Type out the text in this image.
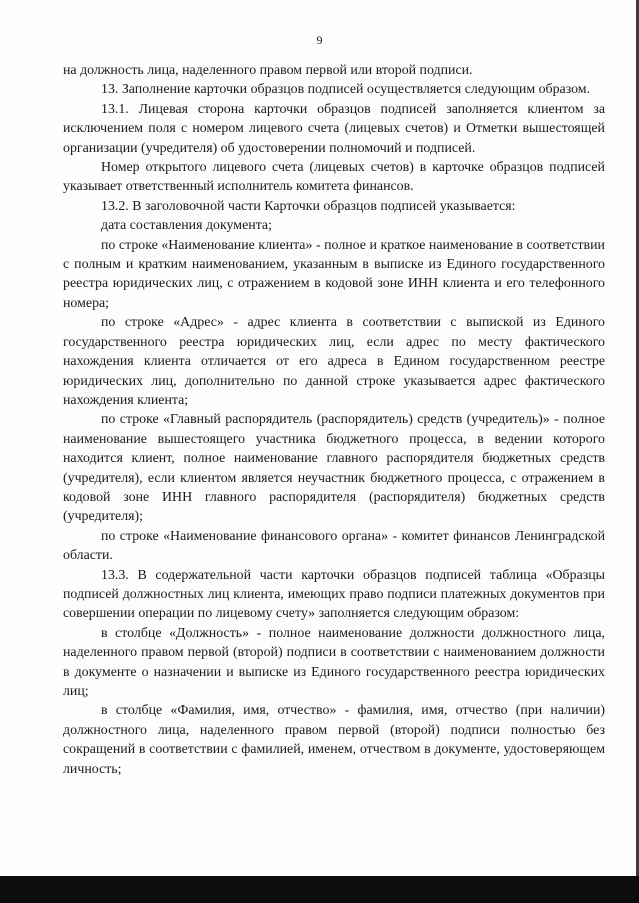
9

на должность лица, наделенного правом первой или второй подписи.

13. Заполнение карточки образцов подписей осуществляется следующим образом.

13.1. Лицевая сторона карточки образцов подписей заполняется клиентом за исключением поля с номером лицевого счета (лицевых счетов) и Отметки вышестоящей организации (учредителя) об удостоверении полномочий и подписей.

Номер открытого лицевого счета (лицевых счетов) в карточке образцов подписей указывает ответственный исполнитель комитета финансов.

13.2. В заголовочной части Карточки образцов подписей указывается:

дата составления документа;

по строке «Наименование клиента» - полное и краткое наименование в соответствии с полным и кратким наименованием, указанным в выписке из Единого государственного реестра юридических лиц, с отражением в кодовой зоне ИНН клиента и его телефонного номера;

по строке «Адрес» - адрес клиента в соответствии с выпиской из Единого государственного реестра юридических лиц, если адрес по месту фактического нахождения клиента отличается от его адреса в Едином государственном реестре юридических лиц, дополнительно по данной строке указывается адрес фактического нахождения клиента;

по строке «Главный распорядитель (распорядитель) средств (учредитель)» - полное наименование вышестоящего участника бюджетного процесса, в ведении которого находится клиент, полное наименование главного распорядителя бюджетных средств (учредителя), если клиентом является неучастник бюджетного процесса, с отражением в кодовой зоне ИНН главного распорядителя (распорядителя) бюджетных средств (учредителя);

по строке «Наименование финансового органа» - комитет финансов Ленинградской области.

13.3. В содержательной части карточки образцов подписей таблица «Образцы подписей должностных лиц клиента, имеющих право подписи платежных документов при совершении операции по лицевому счету» заполняется следующим образом:

в столбце «Должность» - полное наименование должности должностного лица, наделенного правом первой (второй) подписи в соответствии с наименованием должности в документе о назначении и выписке из Единого государственного реестра юридических лиц;

в столбце «Фамилия, имя, отчество» - фамилия, имя, отчество (при наличии) должностного лица, наделенного правом первой (второй) подписи полностью без сокращений в соответствии с фамилией, именем, отчеством в документе, удостоверяющем личность;
